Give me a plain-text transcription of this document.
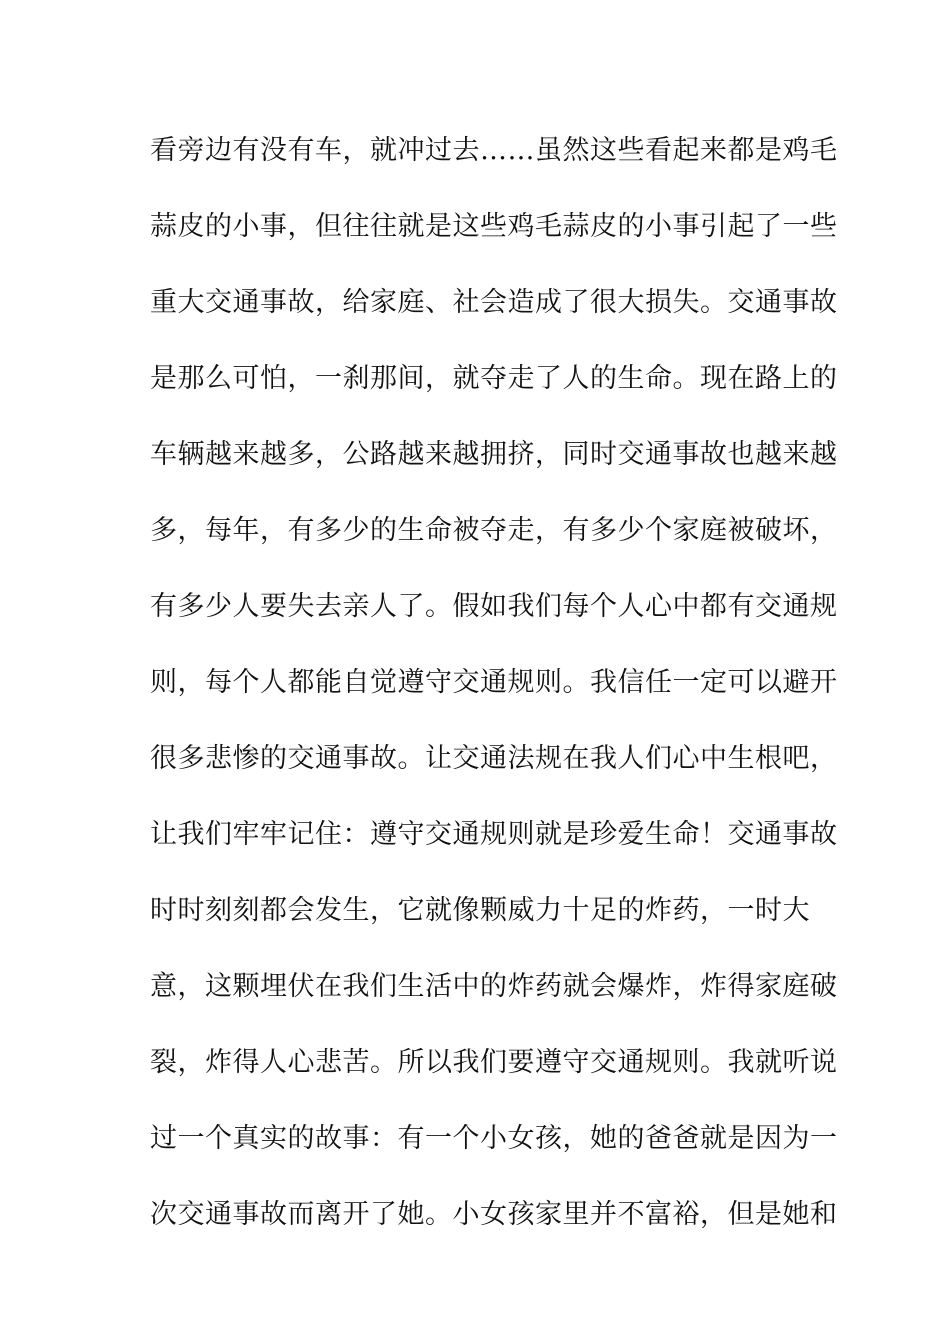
看旁边有没有车，就冲过去……虽然这些看起来都是鸡毛
蒜皮的小事，但往往就是这些鸡毛蒜皮的小事引起了一些
重大交通事故，给家庭、社会造成了很大损失。交通事故
是那么可怕，一刹那间，就夺走了人的生命。现在路上的
车辆越来越多，公路越来越拥挤，同时交通事故也越来越
多，每年，有多少的生命被夺走，有多少个家庭被破坏，
有多少人要失去亲人了。假如我们每个人心中都有交通规
则，每个人都能自觉遵守交通规则。我信任一定可以避开
很多悲惨的交通事故。让交通法规在我人们心中生根吧，
让我们牢牢记住：遵守交通规则就是珍爱生命！交通事故
时时刻刻都会发生，它就像颗威力十足的炸药，一时大
意，这颗埋伏在我们生活中的炸药就会爆炸，炸得家庭破
裂，炸得人心悲苦。所以我们要遵守交通规则。我就听说
过一个真实的故事：有一个小女孩，她的爸爸就是因为一
次交通事故而离开了她。小女孩家里并不富裕，但是她和
